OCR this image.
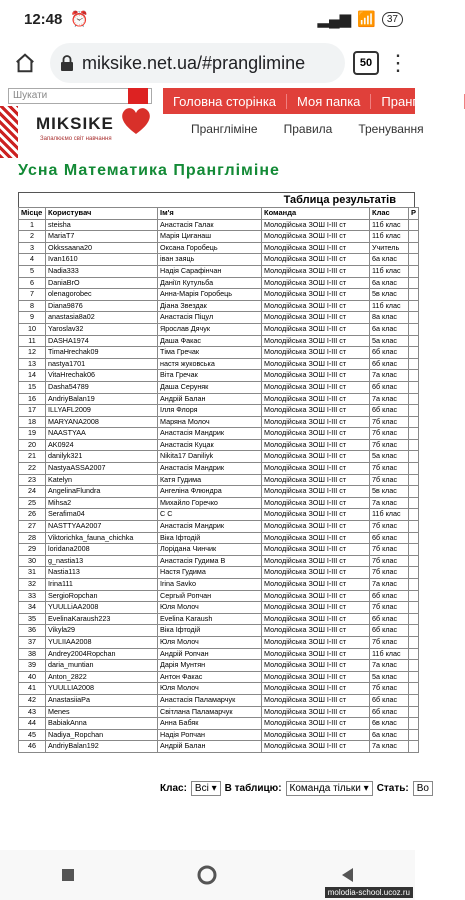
12:48 ⏰	▂▄▆ 📶	37
miksike.net.ua/#pranglimine	50 ⋮
Шукати
MIKSIKE
Запалюємо світ навчання
Головна сторінка	Моя папка	Прангліміне
Прангліміне Правила Тренування
Усна Математика Прангліміне
Таблица результатів
Місце	Користувач	Ім'я	Команда	Клас	Р
1	steisha	Анастасія Галак	Молодійська ЗОШ I-III ст	11б клас	
2	MariaT7	Марія Циганаш	Молодійська ЗОШ I-III ст	11б клас	
3	Okkssaana20	Оксана Горобець	Молодійська ЗОШ I-III ст	Учитель	
4	Ivan1610	іван заяць	Молодійська ЗОШ I-III ст	6а клас	
5	Nadia333	Надія Сарафінчан	Молодійська ЗОШ I-III ст	11б клас	
6	DaniaBrO	Даніїл Кутульба	Молодійська ЗОШ I-III ст	6а клас	
7	olenagorobec	Анна-Марія Горобець	Молодійська ЗОШ I-III ст	5в клас	
8	Diana9876	Діана Звездак	Молодійська ЗОШ I-III ст	11б клас	
9	anastasia8a02	Анастасія Піцул	Молодійська ЗОШ I-III ст	8а клас	
10	Yaroslav32	Ярослав Дячук	Молодійська ЗОШ I-III ст	6а клас	
11	DASHA1974	Даша Факас	Молодійська ЗОШ I-III ст	5а клас	
12	TimaHrechak09	Тіма Гречак	Молодійська ЗОШ I-III ст	6б клас	
13	nastya1701	настя жуковська	Молодійська ЗОШ I-III ст	6б клас	
14	VitaHrechak06	Віта Гречак	Молодійська ЗОШ I-III ст	7а клас	
15	Dasha54789	Даша Серуняк	Молодійська ЗОШ I-III ст	6б клас	
16	AndriyBalan19	Андрій Балан	Молодійська ЗОШ I-III ст	7а клас	
17	ILLYAFL2009	Ілля Флоря	Молодійська ЗОШ I-III ст	6б клас	
18	MARYANA2008	Маряна Молоч	Молодійська ЗОШ I-III ст	7б клас	
19	NAASTYAA	Анастасія Мандрик	Молодійська ЗОШ I-III ст	7б клас	
20	AK0924	Анастасія Куцак	Молодійська ЗОШ I-III ст	7б клас	
21	danilyk321	Nikita17 Daniliyk	Молодійська ЗОШ I-III ст	5а клас	
22	NastyaASSA2007	Анастасія Мандрик	Молодійська ЗОШ I-III ст	7б клас	
23	Katelyn	Катя Гудима	Молодійська ЗОШ I-III ст	7б клас	
24	AngelinaFlundra	Ангеліна Флюндра	Молодійська ЗОШ I-III ст	5в клас	
25	Mihsa2	Михайло Горечко	Молодійська ЗОШ I-III ст	7а клас	
26	Serafima04	С С	Молодійська ЗОШ I-III ст	11б клас	
27	NASTTYAA2007	Анастасія Мандрик	Молодійська ЗОШ I-III ст	7б клас	
28	Viktorichka_fauna_chichka	Віка Іфтодій	Молодійська ЗОШ I-III ст	6б клас	
29	loridana2008	Лорідана Чинчик	Молодійська ЗОШ I-III ст	7б клас	
30	g_nastia13	Анастасія Гудима В	Молодійська ЗОШ I-III ст	7б клас	
31	Nastia113	Настя Гудима	Молодійська ЗОШ I-III ст	7б клас	
32	Irina111	Irina Savko	Молодійська ЗОШ I-III ст	7а клас	
33	SergioRopchan	Сергый Ропчан	Молодійська ЗОШ I-III ст	6б клас	
34	YUULLiAA2008	Юля Молоч	Молодійська ЗОШ I-III ст	7б клас	
35	EvelinaKaraush223	Evelina Karaush	Молодійська ЗОШ I-III ст	6б клас	
36	Vikyla29	Віка Іфтодій	Молодійська ЗОШ I-III ст	6б клас	
37	YULIIAA2008	Юля Молоч	Молодійська ЗОШ I-III ст	7б клас	
38	Andrey2004Ropchan	Андрій Ропчан	Молодійська ЗОШ I-III ст	11б клас	
39	daria_muntian	Дарія Мунтян	Молодійська ЗОШ I-III ст	7а клас	
40	Anton_2822	Антон Факас	Молодійська ЗОШ I-III ст	5а клас	
41	YUULLIA2008	Юля Молоч	Молодійська ЗОШ I-III ст	7б клас	
42	AnastasiiaPa	Анастасія Паламарчук	Молодійська ЗОШ I-III ст	6б клас	
43	Menes	Світлана Паламарчук	Молодійська ЗОШ I-III ст	6б клас	
44	BabiakAnna	Анна Бабяк	Молодійська ЗОШ I-III ст	6в клас	
45	Nadiya_Ropchan	Надія Ропчан	Молодійська ЗОШ I-III ст	6а клас	
46	AndriyBalan192	Андрій Балан	Молодійська ЗОШ I-III ст	7а клас	
Клас: Всі ▾ В таблицю: Команда тільки ▾ Стать: Во
molodia-school.ucoz.ru
